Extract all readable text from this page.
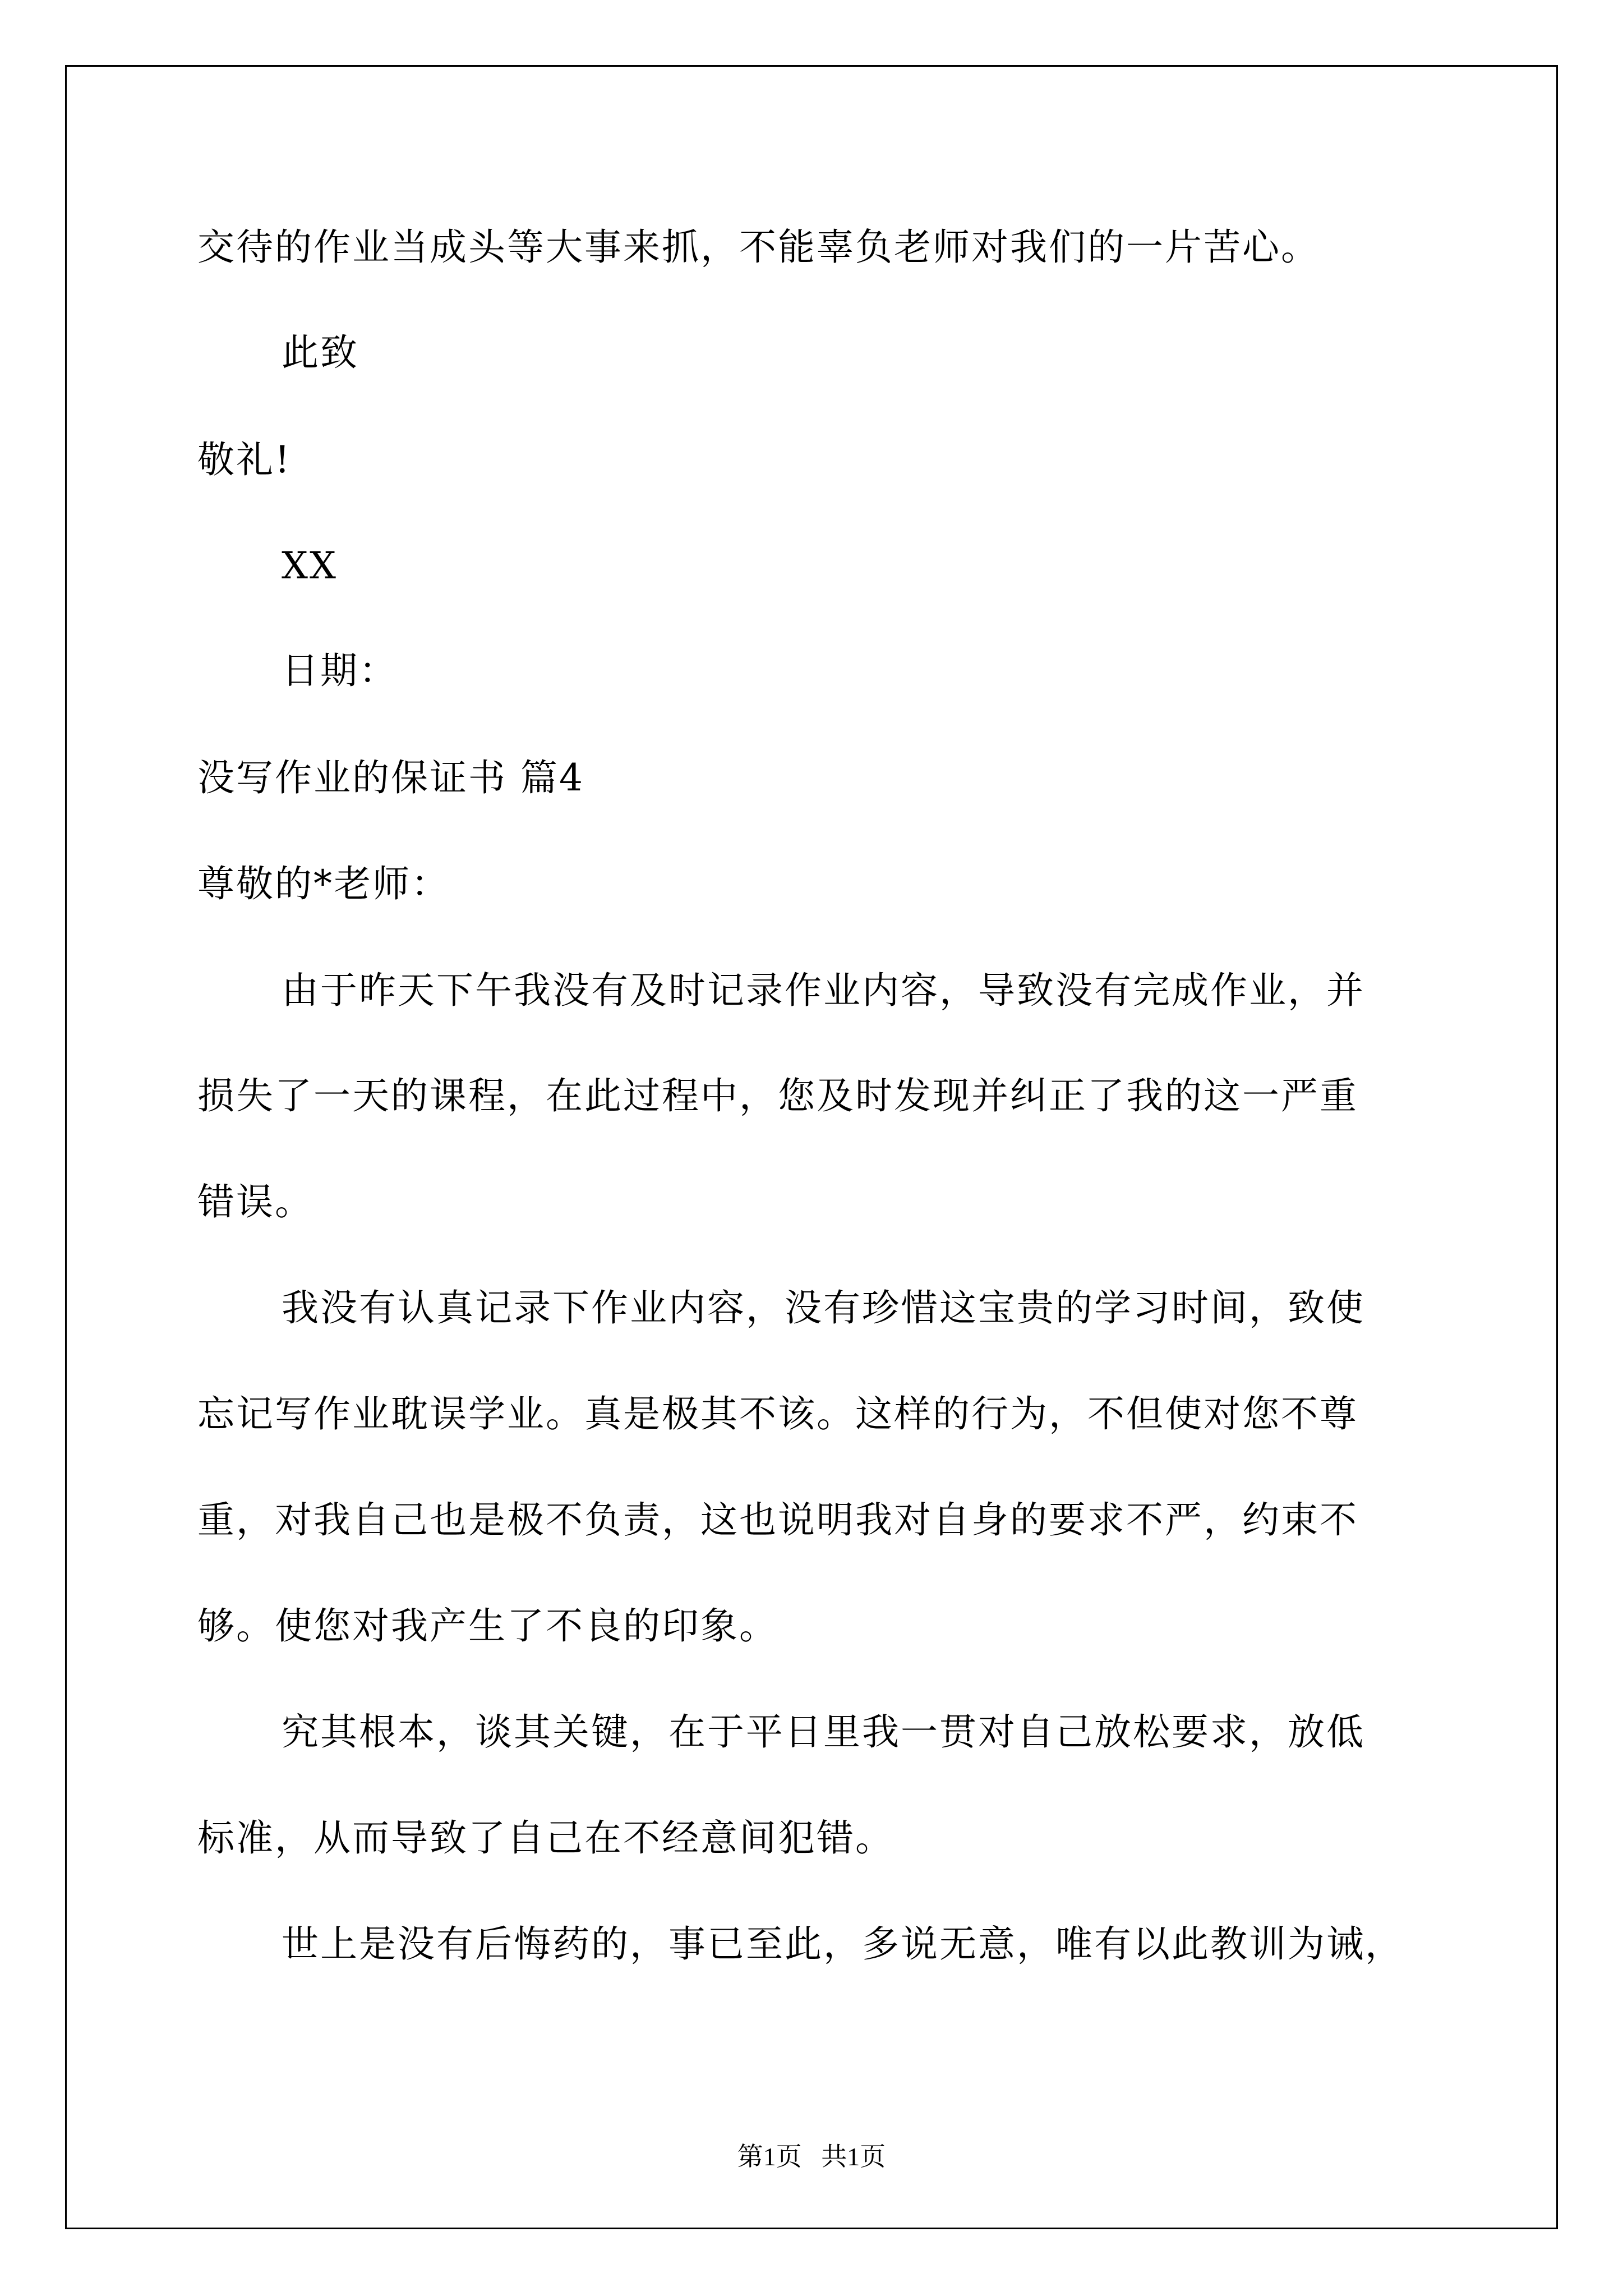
交待的作业当成头等大事来抓，不能辜负老师对我们的一片苦心。
此致
敬礼!
XX
日期：
没写作业的保证书 篇4
尊敬的*老师：
由于昨天下午我没有及时记录作业内容，导致没有完成作业，并
损失了一天的课程，在此过程中，您及时发现并纠正了我的这一严重
错误。
我没有认真记录下作业内容，没有珍惜这宝贵的学习时间，致使
忘记写作业耽误学业。真是极其不该。这样的行为，不但使对您不尊
重，对我自己也是极不负责，这也说明我对自身的要求不严，约束不
够。使您对我产生了不良的印象。
究其根本，谈其关键，在于平日里我一贯对自己放松要求，放低
标准，从而导致了自己在不经意间犯错。
世上是没有后悔药的，事已至此，多说无意，唯有以此教训为诫，
第1页   共1页
